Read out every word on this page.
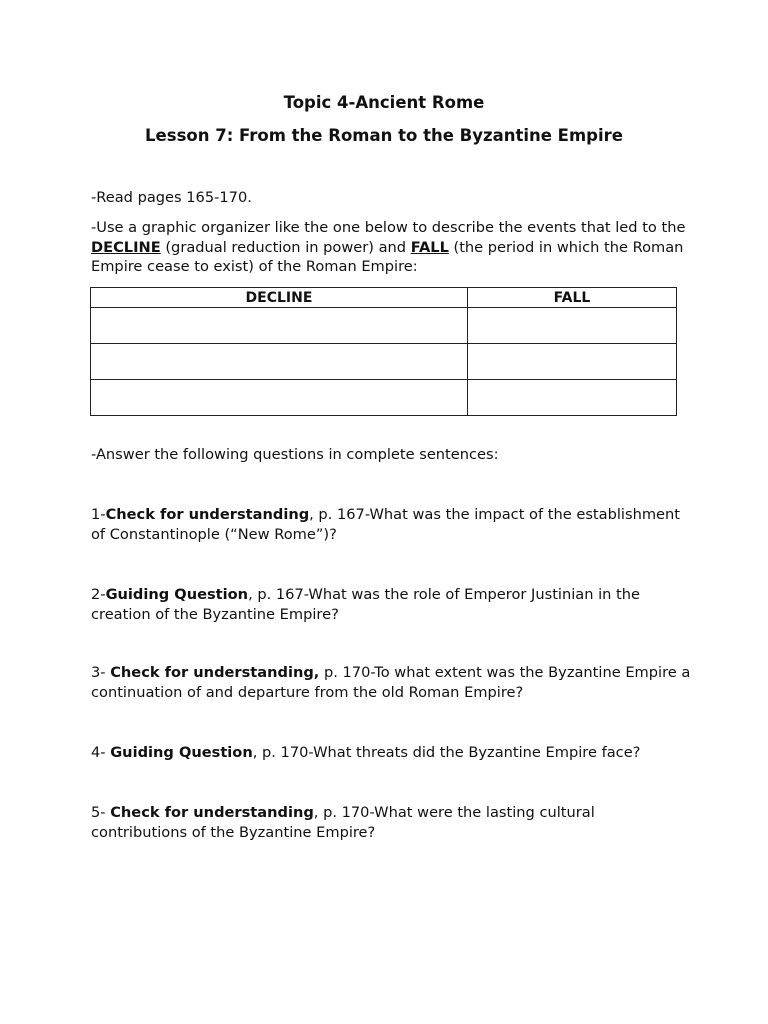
Topic 4-Ancient Rome
Lesson 7: From the Roman to the Byzantine Empire
-Read pages 165-170.
-Use a graphic organizer like the one below to describe the events that led to the DECLINE (gradual reduction in power) and FALL (the period in which the Roman Empire cease to exist) of the Roman Empire:
DECLINE	FALL

-Answer the following questions in complete sentences:
1-Check for understanding, p. 167-What was the impact of the establishment of Constantinople (“New Rome”)?
2-Guiding Question, p. 167-What was the role of Emperor Justinian in the creation of the Byzantine Empire?
3- Check for understanding, p. 170-To what extent was the Byzantine Empire a continuation of and departure from the old Roman Empire?
4- Guiding Question, p. 170-What threats did the Byzantine Empire face?
5- Check for understanding, p. 170-What were the lasting cultural contributions of the Byzantine Empire?
